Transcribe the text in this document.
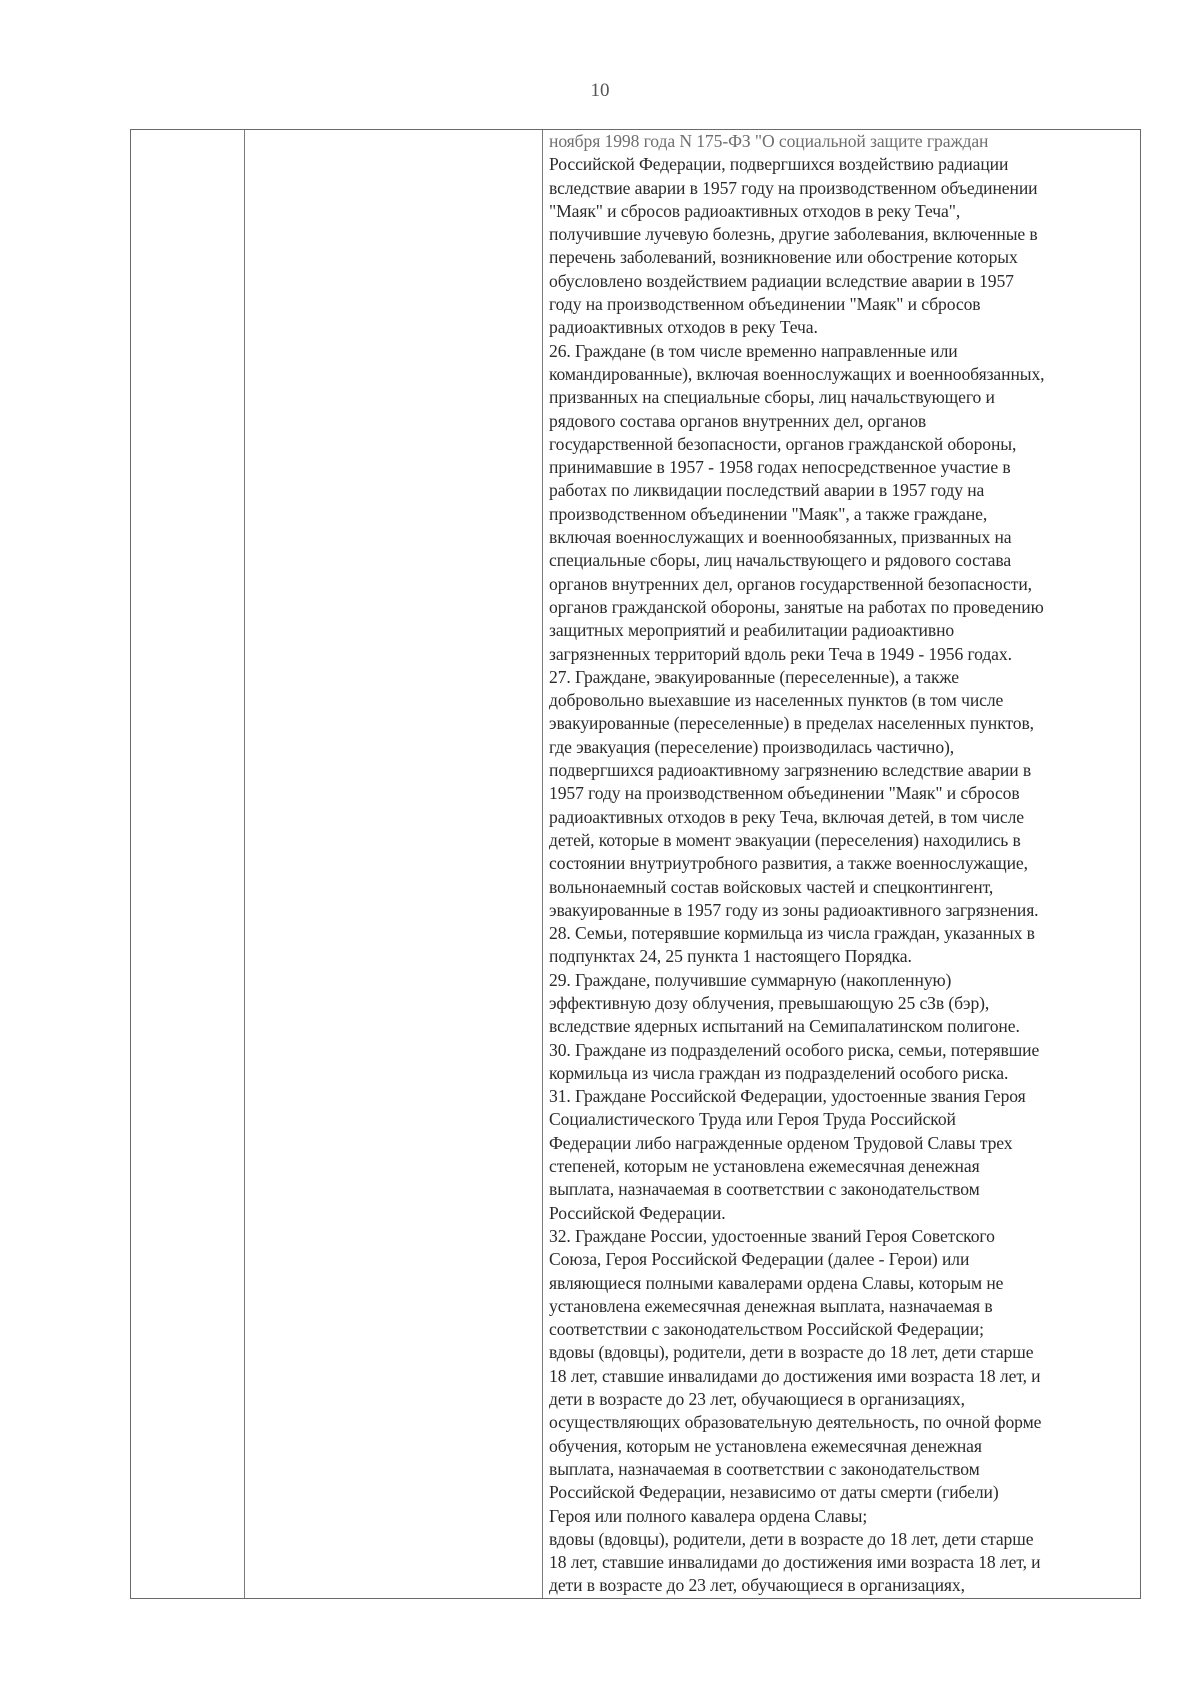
10
ноября 1998 года N 175-ФЗ "О социальной защите граждан
Российской Федерации, подвергшихся воздействию радиации
вследствие аварии в 1957 году на производственном объединении
"Маяк" и сбросов радиоактивных отходов в реку Теча",
получившие лучевую болезнь, другие заболевания, включенные в
перечень заболеваний, возникновение или обострение которых
обусловлено воздействием радиации вследствие аварии в 1957
году на производственном объединении "Маяк" и сбросов
радиоактивных отходов в реку Теча.
26. Граждане (в том числе временно направленные или
командированные), включая военнослужащих и военнообязанных,
призванных на специальные сборы, лиц начальствующего и
рядового состава органов внутренних дел, органов
государственной безопасности, органов гражданской обороны,
принимавшие в 1957 - 1958 годах непосредственное участие в
работах по ликвидации последствий аварии в 1957 году на
производственном объединении "Маяк", а также граждане,
включая военнослужащих и военнообязанных, призванных на
специальные сборы, лиц начальствующего и рядового состава
органов внутренних дел, органов государственной безопасности,
органов гражданской обороны, занятые на работах по проведению
защитных мероприятий и реабилитации радиоактивно
загрязненных территорий вдоль реки Теча в 1949 - 1956 годах.
27. Граждане, эвакуированные (переселенные), а также
добровольно выехавшие из населенных пунктов (в том числе
эвакуированные (переселенные) в пределах населенных пунктов,
где эвакуация (переселение) производилась частично),
подвергшихся радиоактивному загрязнению вследствие аварии в
1957 году на производственном объединении "Маяк" и сбросов
радиоактивных отходов в реку Теча, включая детей, в том числе
детей, которые в момент эвакуации (переселения) находились в
состоянии внутриутробного развития, а также военнослужащие,
вольнонаемный состав войсковых частей и спецконтингент,
эвакуированные в 1957 году из зоны радиоактивного загрязнения.
28. Семьи, потерявшие кормильца из числа граждан, указанных в
подпунктах 24, 25 пункта 1 настоящего Порядка.
29. Граждане, получившие суммарную (накопленную)
эффективную дозу облучения, превышающую 25 сЗв (бэр),
вследствие ядерных испытаний на Семипалатинском полигоне.
30. Граждане из подразделений особого риска, семьи, потерявшие
кормильца из числа граждан из подразделений особого риска.
31. Граждане Российской Федерации, удостоенные звания Героя
Социалистического Труда или Героя Труда Российской
Федерации либо награжденные орденом Трудовой Славы трех
степеней, которым не установлена ежемесячная денежная
выплата, назначаемая в соответствии с законодательством
Российской Федерации.
32. Граждане России, удостоенные званий Героя Советского
Союза, Героя Российской Федерации (далее - Герои) или
являющиеся полными кавалерами ордена Славы, которым не
установлена ежемесячная денежная выплата, назначаемая в
соответствии с законодательством Российской Федерации;
вдовы (вдовцы), родители, дети в возрасте до 18 лет, дети старше
18 лет, ставшие инвалидами до достижения ими возраста 18 лет, и
дети в возрасте до 23 лет, обучающиеся в организациях,
осуществляющих образовательную деятельность, по очной форме
обучения, которым не установлена ежемесячная денежная
выплата, назначаемая в соответствии с законодательством
Российской Федерации, независимо от даты смерти (гибели)
Героя или полного кавалера ордена Славы;
вдовы (вдовцы), родители, дети в возрасте до 18 лет, дети старше
18 лет, ставшие инвалидами до достижения ими возраста 18 лет, и
дети в возрасте до 23 лет, обучающиеся в организациях,
